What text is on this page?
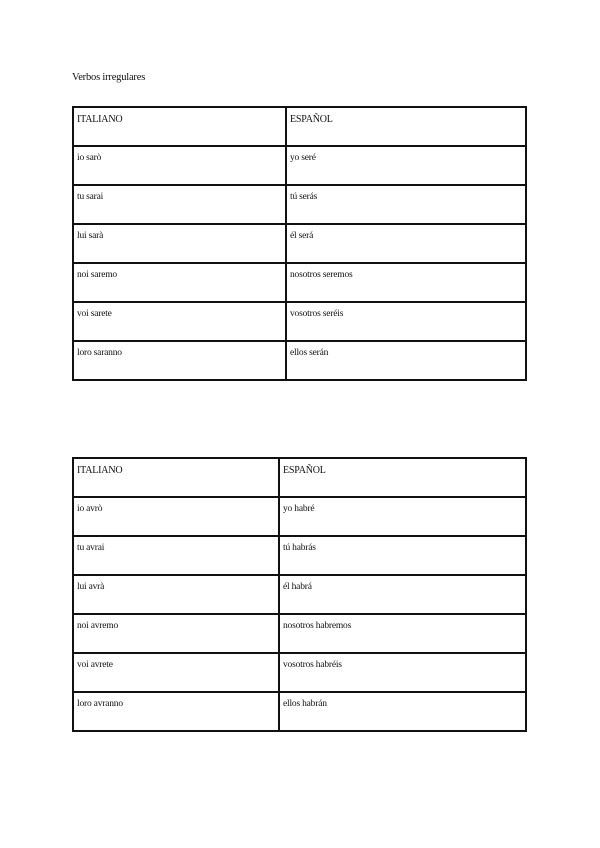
Verbos irregulares
ITALIANO	ESPAÑOL
io sarò	yo seré
tu sarai	tú serás
lui sarà	él será
noi saremo	nosotros seremos
voi sarete	vosotros seréis
loro saranno	ellos serán
ITALIANO	ESPAÑOL
io avrò	yo habré
tu avrai	tú habrás
lui avrà	él habrá
noi avremo	nosotros habremos
voi avrete	vosotros habréis
loro avranno	ellos habrán
